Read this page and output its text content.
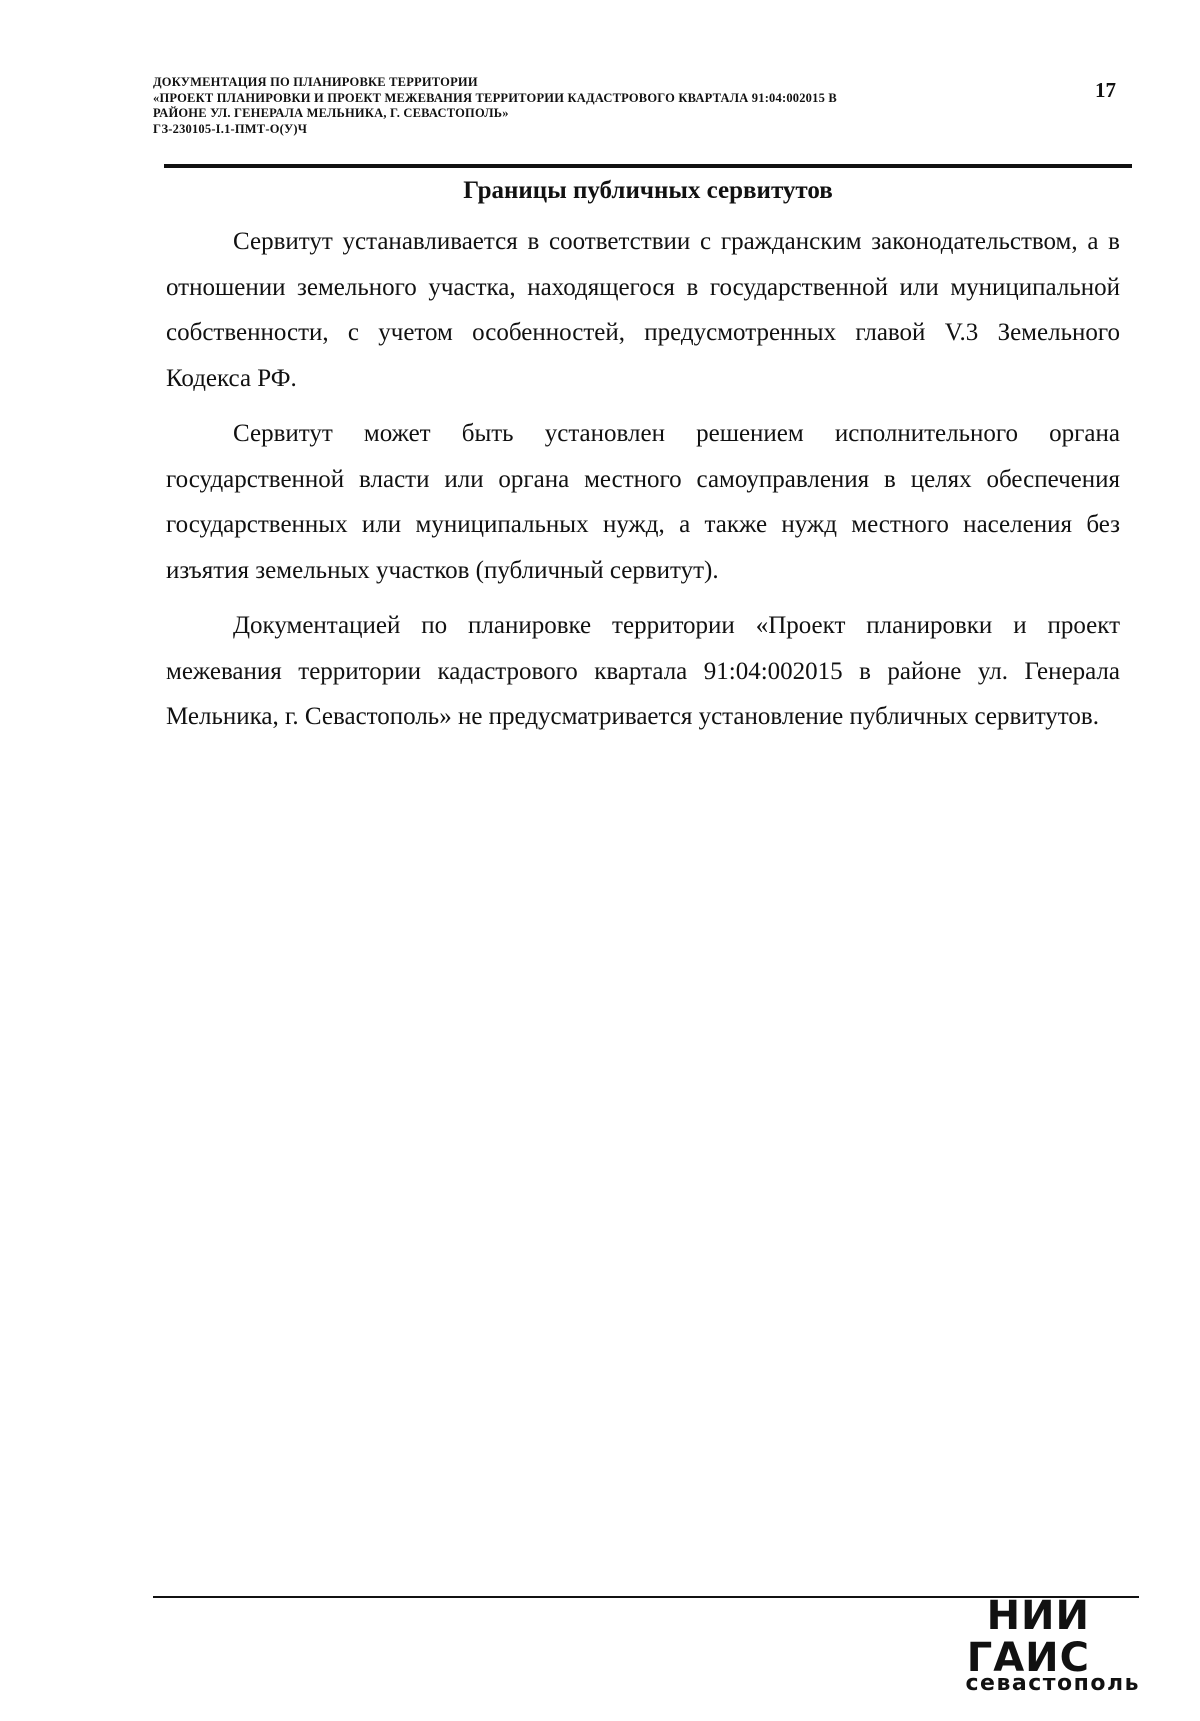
ДОКУМЕНТАЦИЯ ПО ПЛАНИРОВКЕ ТЕРРИТОРИИ
«ПРОЕКТ ПЛАНИРОВКИ И ПРОЕКТ МЕЖЕВАНИЯ ТЕРРИТОРИИ КАДАСТРОВОГО КВАРТАЛА 91:04:002015 В
РАЙОНЕ УЛ. ГЕНЕРАЛА МЕЛЬНИКА, Г. СЕВАСТОПОЛЬ»
ГЗ-230105-I.1-ПМТ-О(У)Ч
17
Границы публичных сервитутов

Сервитут устанавливается в соответствии с гражданским законодательством, а в отношении земельного участка, находящегося в государственной или муниципальной собственности, с учетом особенностей, предусмотренных главой V.3 Земельного Кодекса РФ.

Сервитут может быть установлен решением исполнительного органа государственной власти или органа местного самоуправления в целях обеспечения государственных или муниципальных нужд, а также нужд местного населения без изъятия земельных участков (публичный сервитут).

Документацией по планировке территории «Проект планировки и проект межевания территории кадастрового квартала 91:04:002015 в районе ул. Генерала Мельника, г. Севастополь» не предусматривается установление публичных сервитутов.

НИИ ГАИС
севастополь
